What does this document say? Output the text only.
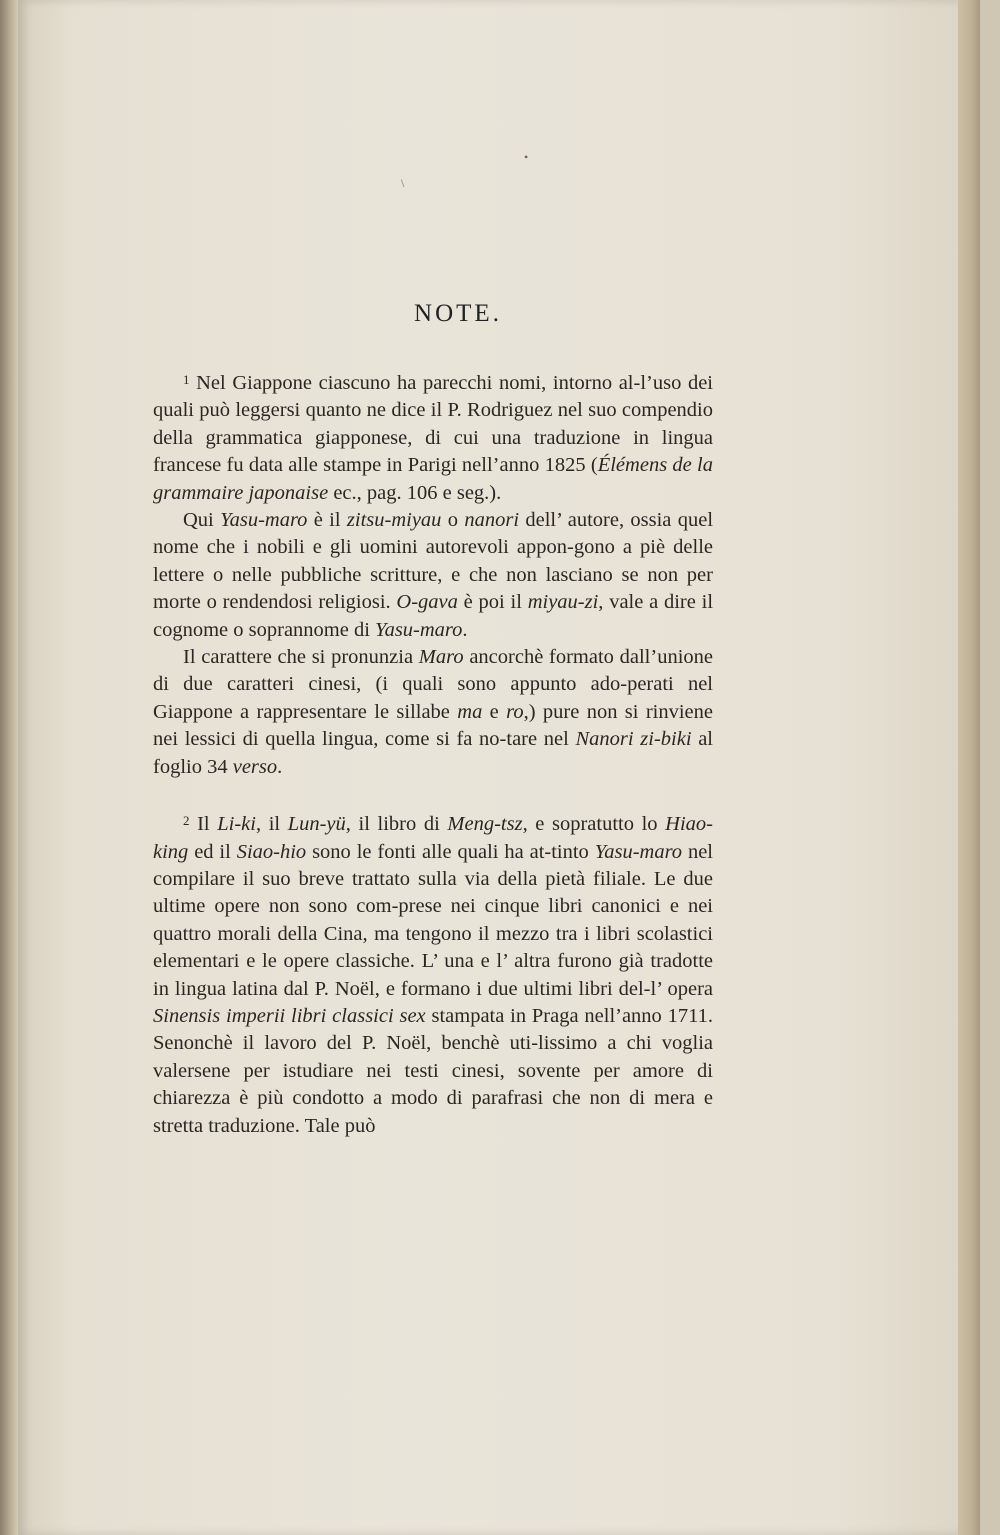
\
•
NOTE.

$^1$ Nel Giappone ciascuno ha parecchi nomi, intorno al-l’uso dei quali può leggersi quanto ne dice il P. Rodriguez nel suo compendio della grammatica giapponese, di cui una traduzione in lingua francese fu data alle stampe in Parigi nell’anno 1825 (Élémens de la grammaire japonaise ec., pag. 106 e seg.).

Qui Yasu-maro è il zitsu-miyau o nanori dell’ autore, ossia quel nome che i nobili e gli uomini autorevoli appon-gono a piè delle lettere o nelle pubbliche scritture, e che non lasciano se non per morte o rendendosi religiosi. O-gava è poi il miyau-zi, vale a dire il cognome o soprannome di Yasu-maro.

Il carattere che si pronunzia Maro ancorchè formato dall’unione di due caratteri cinesi, (i quali sono appunto ado-perati nel Giappone a rappresentare le sillabe ma e ro,) pure non si rinviene nei lessici di quella lingua, come si fa no-tare nel Nanori zi-biki al foglio 34 verso.

$^2$ Il Li-ki, il Lun-yü, il libro di Meng-tsz, e sopratutto lo Hiao-king ed il Siao-hio sono le fonti alle quali ha at-tinto Yasu-maro nel compilare il suo breve trattato sulla via della pietà filiale. Le due ultime opere non sono com-prese nei cinque libri canonici e nei quattro morali della Cina, ma tengono il mezzo tra i libri scolastici elementari e le opere classiche. L’ una e l’ altra furono già tradotte in lingua latina dal P. Noël, e formano i due ultimi libri del-l’ opera Sinensis imperii libri classici sex stampata in Praga nell’anno 1711. Senonchè il lavoro del P. Noël, benchè uti-lissimo a chi voglia valersene per istudiare nei testi cinesi, sovente per amore di chiarezza è più condotto a modo di parafrasi che non di mera e stretta traduzione. Tale può
